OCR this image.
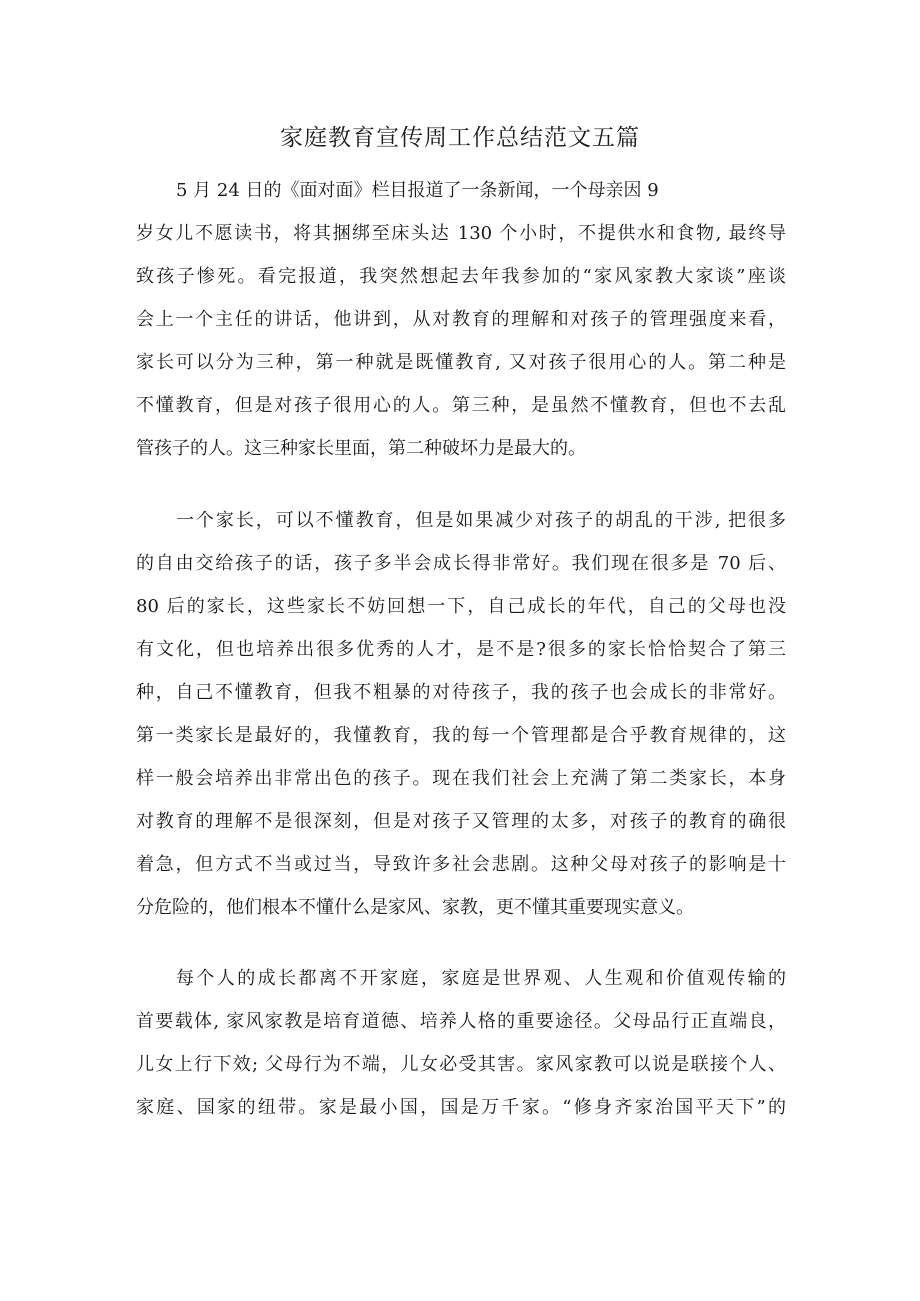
家庭教育宣传周工作总结范文五篇
5 月 24 日的《面对面》栏目报道了一条新闻，一个母亲因 9
岁女儿不愿读书，将其捆绑至床头达 130 个小时，不提供水和食物, 最终导
致孩子惨死。看完报道，我突然想起去年我参加的“家风家教大家谈”座谈
会上一个主任的讲话，他讲到，从对教育的理解和对孩子的管理强度来看，
家长可以分为三种，第一种就是既懂教育, 又对孩子很用心的人。第二种是
不懂教育，但是对孩子很用心的人。第三种，是虽然不懂教育，但也不去乱
管孩子的人。这三种家长里面，第二种破坏力是最大的。
一个家长，可以不懂教育，但是如果减少对孩子的胡乱的干涉, 把很多
的自由交给孩子的话，孩子多半会成长得非常好。我们现在很多是 70 后、
80 后的家长，这些家长不妨回想一下，自己成长的年代，自己的父母也没
有文化，但也培养出很多优秀的人才，是不是?很多的家长恰恰契合了第三
种，自己不懂教育，但我不粗暴的对待孩子，我的孩子也会成长的非常好。
第一类家长是最好的，我懂教育，我的每一个管理都是合乎教育规律的，这
样一般会培养出非常出色的孩子。现在我们社会上充满了第二类家长，本身
对教育的理解不是很深刻，但是对孩子又管理的太多，对孩子的教育的确很
着急，但方式不当或过当，导致许多社会悲剧。这种父母对孩子的影响是十
分危险的，他们根本不懂什么是家风、家教，更不懂其重要现实意义。
每个人的成长都离不开家庭，家庭是世界观、人生观和价值观传输的
首要载体, 家风家教是培育道德、培养人格的重要途径。父母品行正直端良，
儿女上行下效; 父母行为不端，儿女必受其害。家风家教可以说是联接个人、
家庭、国家的纽带。家是最小国，国是万千家。“修身齐家治国平天下”的
